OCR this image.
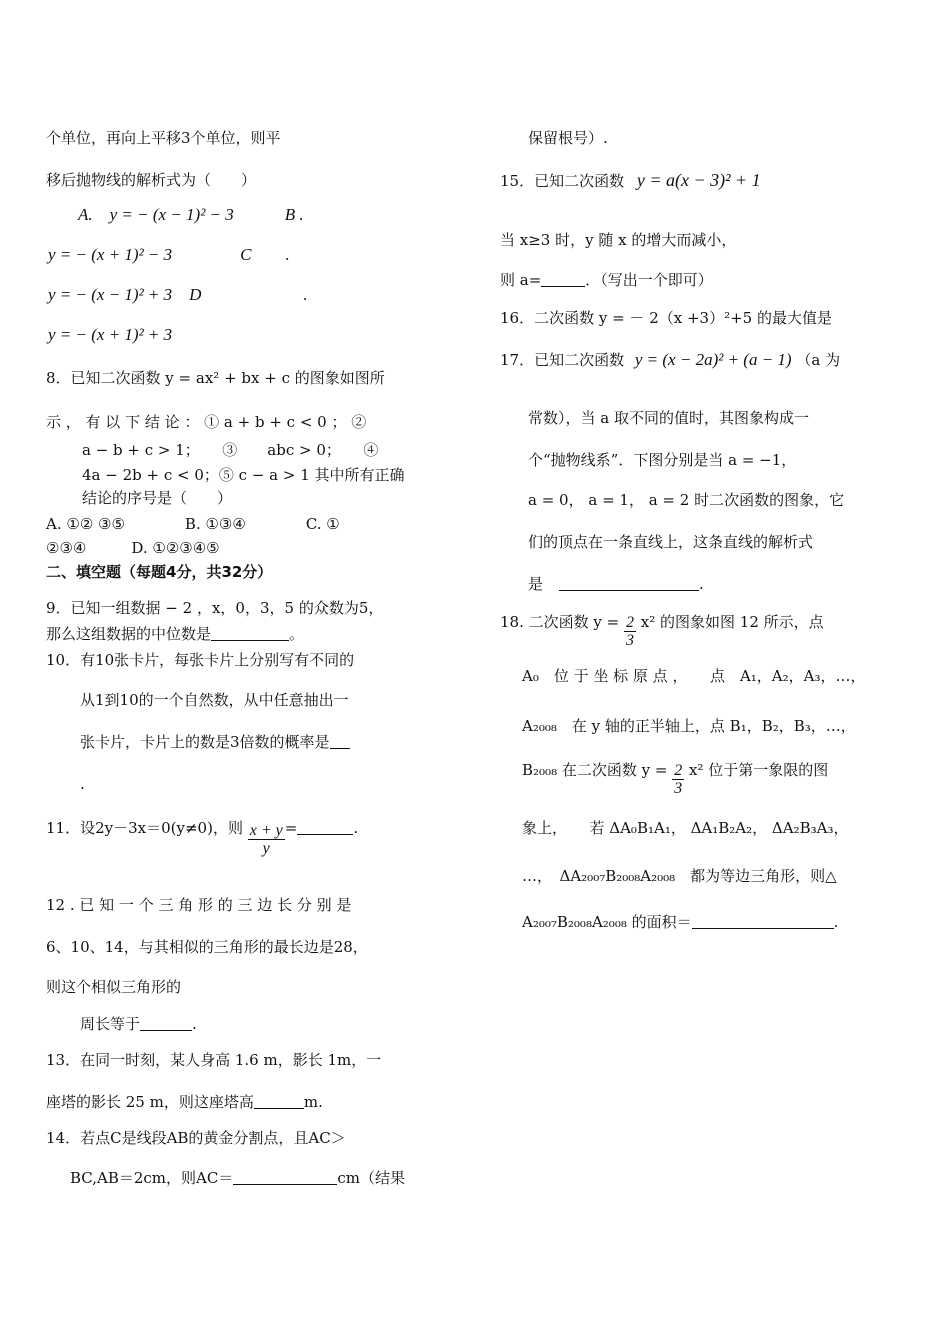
个单位，再向上平移3个单位，则平
移后抛物线的解析式为（　　）
A.　y = − (x − 1)² − 3　　　B .
y = − (x + 1)² − 3　　　　C　　.
y = − (x − 1)² + 3　D　　　　　　.
y = − (x + 1)² + 3
8．已知二次函数 y = ax² + bx + c 的图象如图所
示 ， 有 以 下 结 论 ： ① a + b + c < 0 ； ②
a − b + c > 1；　　③　　abc > 0；　　④
4a − 2b + c < 0；⑤ c − a > 1 其中所有正确
结论的序号是（　　）
A. ①② ③⑤　　　　B. ①③④　　　　C. ①
②③④　　　D. ①②③④⑤
二、填空题（每题4分，共32分）
9．已知一组数据 − 2 ，x，0，3，5 的众数为5，
那么这组数据的中位数是	。
10．有10张卡片，每张卡片上分别写有不同的
从1到10的一个自然数，从中任意抽出一
张卡片，卡片上的数是3倍数的概率是
.
11．设2y－3x＝0(y≠0)，则 $\frac{x + y}{y}$ =	.
12 . 已 知 一 个 三 角 形 的 三 边 长 分 别 是
6、10、14，与其相似的三角形的最长边是28，
则这个相似三角形的
周长等于	.
13．在同一时刻，某人身高 1.6 m，影长 1m，一
座塔的影长 25 m，则这座塔高	m.
14．若点C是线段AB的黄金分割点，且AC＞
BC,AB＝2cm，则AC＝	cm（结果
保留根号）.
15．已知二次函数 y = a(x − 3)² + 1
当 x≥3 时，y 随 x 的增大而减小，
则 a=	．（写出一个即可）
16．二次函数 y = － 2（x +3）²+5 的最大值是
17．已知二次函数 y = (x − 2a)² + (a − 1) （a 为
常数），当 a 取不同的值时，其图象构成一
个“抛物线系”．下图分别是当 a = −1，
a = 0， a = 1， a = 2 时二次函数的图象，它
们的顶点在一条直线上，这条直线的解析式
是	.
18. 二次函数 $y = \frac{2}{3} x^2$ 的图象如图 12 所示，点
A₀　位 于 坐 标 原 点 ，　　点　A₁，A₂，A₃，…，
A₂₀₀₈　在 y 轴的正半轴上，点 B₁，B₂，B₃，…，
B₂₀₀₈ 在二次函数 $y = \frac{2}{3} x^2$ 位于第一象限的图
象上，　　若 ΔA₀B₁A₁， ΔA₁B₂A₂， ΔA₂B₃A₃，
…，　ΔA₂₀₀₇B₂₀₀₈A₂₀₀₈　都为等边三角形，则△
A₂₀₀₇B₂₀₀₈A₂₀₀₈ 的面积＝	.
